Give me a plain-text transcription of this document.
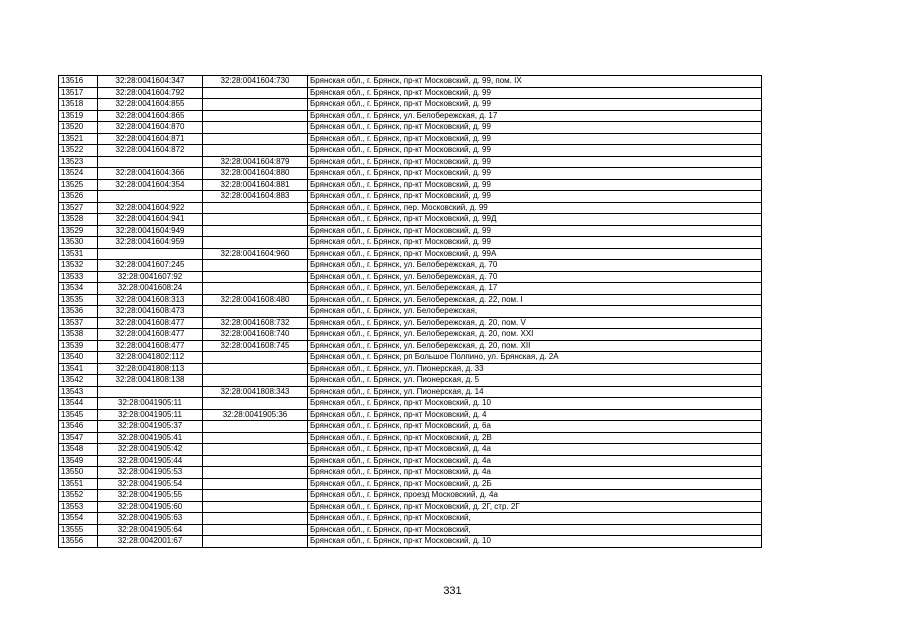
13516	32:28:0041604:347	32:28:0041604:730	Брянская обл., г. Брянск, пр-кт Московский, д. 99, пом. IX
13517	32:28:0041604:792		Брянская обл., г. Брянск, пр-кт Московский, д. 99
13518	32:28:0041604:855		Брянская обл., г. Брянск, пр-кт Московский, д. 99
13519	32:28:0041604:865		Брянская обл., г. Брянск, ул. Белобережская, д. 17
13520	32:28:0041604:870		Брянская обл., г. Брянск, пр-кт Московский, д. 99
13521	32:28:0041604:871		Брянская обл., г. Брянск, пр-кт Московский, д. 99
13522	32:28:0041604:872		Брянская обл., г. Брянск, пр-кт Московский, д. 99
13523		32:28:0041604:879	Брянская обл., г. Брянск, пр-кт Московский, д. 99
13524	32:28:0041604:366	32:28:0041604:880	Брянская обл., г. Брянск, пр-кт Московский, д. 99
13525	32:28:0041604:354	32:28:0041604:881	Брянская обл., г. Брянск, пр-кт Московский, д. 99
13526		32:28:0041604:883	Брянская обл., г. Брянск, пр-кт Московский, д. 99
13527	32:28:0041604:922		Брянская обл., г. Брянск, пер. Московский, д. 99
13528	32:28:0041604:941		Брянская обл., г. Брянск, пр-кт Московский, д. 99Д
13529	32:28:0041604:949		Брянская обл., г. Брянск, пр-кт Московский, д. 99
13530	32:28:0041604:959		Брянская обл., г. Брянск, пр-кт Московский, д. 99
13531		32:28:0041604:960	Брянская обл., г. Брянск, пр-кт Московский, д. 99А
13532	32:28:0041607:245		Брянская обл., г. Брянск, ул. Белобережская, д. 70
13533	32:28:0041607:92		Брянская обл., г. Брянск, ул. Белобережская, д. 70
13534	32:28:0041608:24		Брянская обл., г. Брянск, ул. Белобережская, д. 17
13535	32:28:0041608:313	32:28:0041608:480	Брянская обл., г. Брянск, ул. Белобережская, д. 22, пом. I
13536	32:28:0041608:473		Брянская обл., г. Брянск, ул. Белобережская,
13537	32:28:0041608:477	32:28:0041608:732	Брянская обл., г. Брянск, ул. Белобережская, д. 20, пом. V
13538	32:28:0041608:477	32:28:0041608:740	Брянская обл., г. Брянск, ул. Белобережская, д. 20, пом. XXI
13539	32:28:0041608:477	32:28:0041608:745	Брянская обл., г. Брянск, ул. Белобережская, д. 20, пом. XII
13540	32:28:0041802:112		Брянская обл., г. Брянск, рп Большое Полпино, ул. Брянская, д. 2А
13541	32:28:0041808:113		Брянская обл., г. Брянск, ул. Пионерская, д. 33
13542	32:28:0041808:138		Брянская обл., г. Брянск, ул. Пионерская, д. 5
13543		32:28:0041808:343	Брянская обл., г. Брянск, ул. Пионерская, д. 14
13544	32:28:0041905:11		Брянская обл., г. Брянск, пр-кт Московский, д. 10
13545	32:28:0041905:11	32:28:0041905:36	Брянская обл., г. Брянск, пр-кт Московский, д. 4
13546	32:28:0041905:37		Брянская обл., г. Брянск, пр-кт Московский, д. 6а
13547	32:28:0041905:41		Брянская обл., г. Брянск, пр-кт Московский, д. 2В
13548	32:28:0041905:42		Брянская обл., г. Брянск, пр-кт Московский, д. 4а
13549	32:28:0041905:44		Брянская обл., г. Брянск, пр-кт Московский, д. 4а
13550	32:28:0041905:53		Брянская обл., г. Брянск, пр-кт Московский, д. 4а
13551	32:28:0041905:54		Брянская обл., г. Брянск, пр-кт Московский, д. 2Б
13552	32:28:0041905:55		Брянская обл., г. Брянск, проезд Московский, д. 4а
13553	32:28:0041905:60		Брянская обл., г. Брянск, пр-кт Московский, д. 2Г, стр. 2Г
13554	32:28:0041905:63		Брянская обл., г. Брянск, пр-кт Московский,
13555	32:28:0041905:64		Брянская обл., г. Брянск, пр-кт Московский,
13556	32:28:0042001:67		Брянская обл., г. Брянск, пр-кт Московский, д. 10
331
